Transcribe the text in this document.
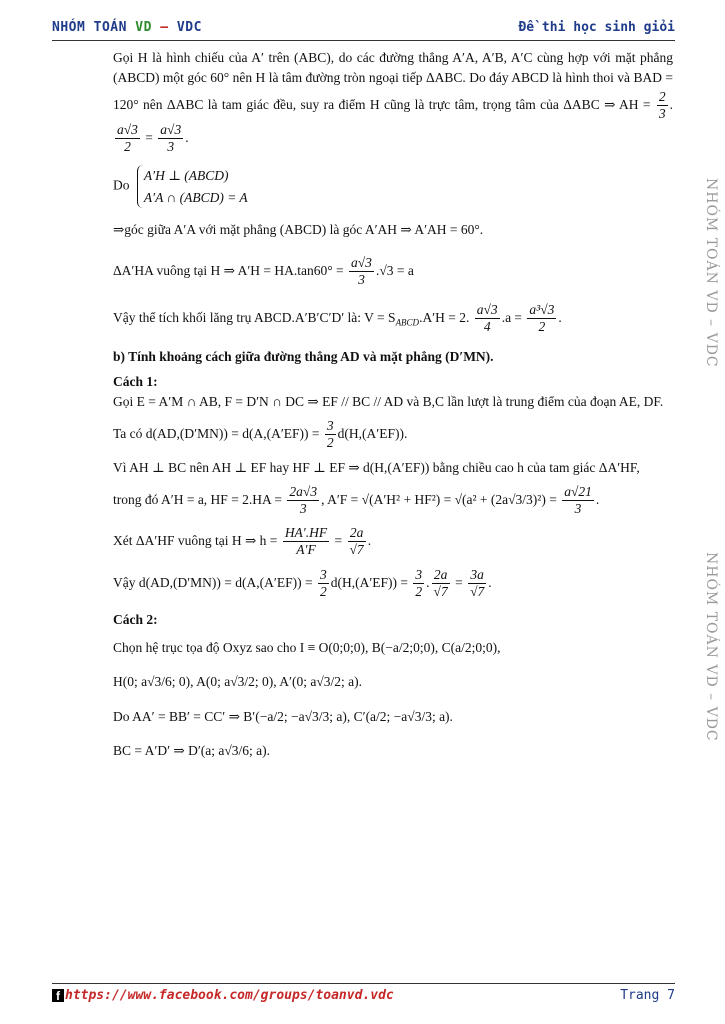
NHÓM TOÁN VD – VDC	Đề thi học sinh giỏi
NHÓM TOÁN VD – VDC
NHÓM TOÁN VD – VDC

Gọi H là hình chiếu của A′ trên (ABC), do các đường thẳng A′A, A′B, A′C cùng hợp với mặt phẳng (ABCD) một góc 60° nên H là tâm đường tròn ngoại tiếp ΔABC. Do đáy ABCD là hình thoi và BAD = 120° nên ΔABC là tam giác đều, suy ra điểm H cũng là trực tâm, trọng tâm của ΔABC ⇒ AH = $\frac{2}{3}$ .
$\frac{a√3}{2} = \frac{a√3}{3}$ .

Do
A′H ⊥ (ABCD)
A′A ∩ (ABCD) = A

⇒góc giữa A′A với mặt phẳng (ABCD) là góc A′AH ⇒ A′AH = 60°.

ΔA′HA vuông tại H ⇒ $A'H = HA.\tan 60^\circ = \frac{a√3}{3} .√3 = a$

Vậy thể tích khối lăng trụ ABCD.A′B′C′D′ là: $V = S_{ABCD}.A'H = 2$. $\frac{a√3}{4} .a = \frac{\text{a³√3}}{2}$ .

b) Tính khoảng cách giữa đường thẳng AD và mặt phẳng (D′MN).

Cách 1:

Gọi E = A′M ∩ AB, F = D′N ∩ DC ⇒ EF // BC // AD và B,C lần lượt là trung điểm của đoạn AE, DF.

Ta có $d(AD,(D'MN)) = d(A,(A'EF)) = \frac{3}{2} d(H,(A'EF))$.

Vì AH ⊥ BC nên AH ⊥ EF hay HF ⊥ EF ⇒ d(H,(A′EF)) bằng chiều cao h của tam giác ΔA′HF,

trong đó A′H = a, HF = $2.HA = \frac{2a√3}{3}$ , $A'F = √(A'H^2 + HF^2) = √(a^2 + (2a√3/3)^2) = \frac{a√21}{3}$ .

Xét ΔA′HF vuông tại H ⇒ $h = \frac{HA'.HF}{A'F} = \frac{2a}{√7}$ .

Vậy $d(AD,(D'MN)) = d(A,(A'EF)) = \frac{3}{2} d(H,(A'EF)) = \frac{3}{2}$ . $\frac{2a}{√7} = \frac{3a}{√7}$ .

Cách 2:

Chọn hệ trục tọa độ Oxyz sao cho I ≡ O(0;0;0), B(−a/2;0;0), C(a/2;0;0),

H(0; a√3/6; 0), A(0; a√3/2; 0), A′(0; a√3/2; a).

Do AA′ = BB′ = CC′ ⇒ B′(−a/2; −a√3/3; a), C′(a/2; −a√3/3; a).

BC = A′D′ ⇒ D′(a; a√3/6; a).

f https://www.facebook.com/groups/toanvd.vdc	Trang 7
